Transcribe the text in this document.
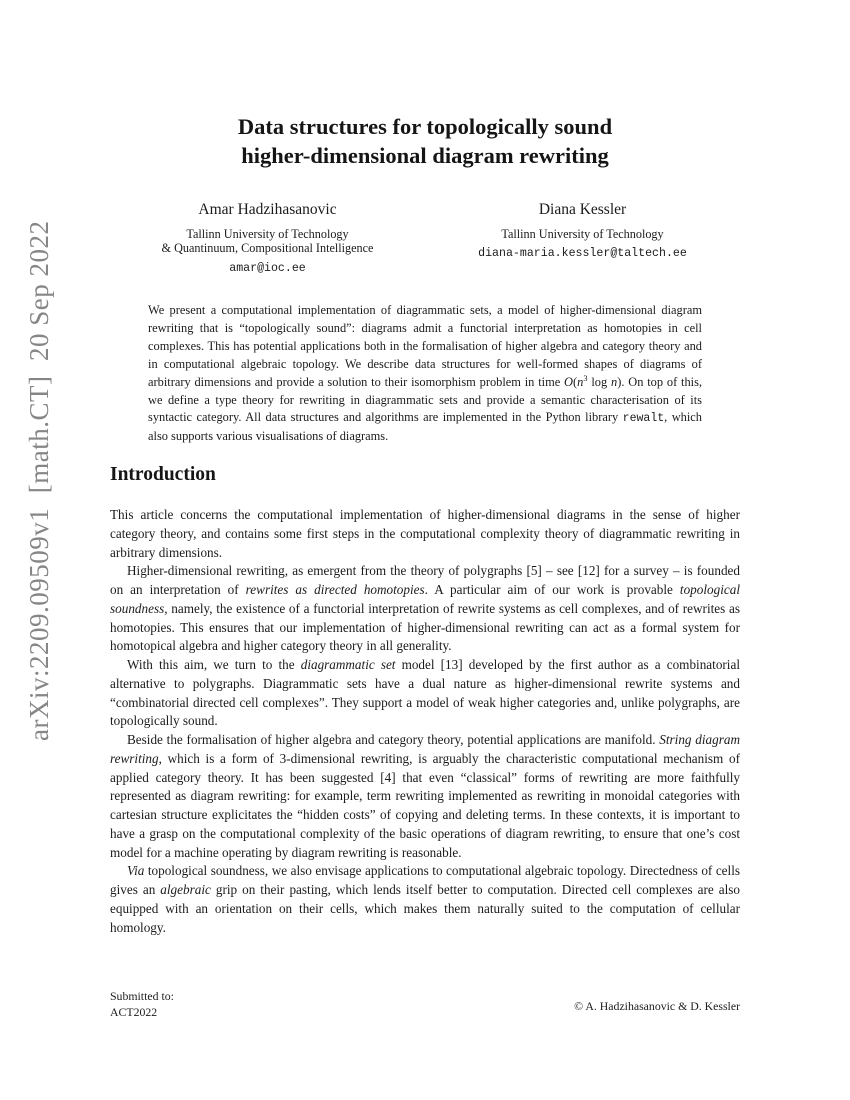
arXiv:2209.09509v1  [math.CT]  20 Sep 2022
Data structures for topologically sound
higher-dimensional diagram rewriting
Amar Hadzihasanovic
Tallinn University of Technology
& Quantinuum, Compositional Intelligence
amar@ioc.ee
Diana Kessler
Tallinn University of Technology
diana-maria.kessler@taltech.ee

We present a computational implementation of diagrammatic sets, a model of higher-dimensional diagram rewriting that is “topologically sound”: diagrams admit a functorial interpretation as homotopies in cell complexes. This has potential applications both in the formalisation of higher algebra and category theory and in computational algebraic topology. We describe data structures for well-formed shapes of diagrams of arbitrary dimensions and provide a solution to their isomorphism problem in time $O(n^3$ log n). On top of this, we define a type theory for rewriting in diagrammatic sets and provide a semantic characterisation of its syntactic category. All data structures and algorithms are implemented in the Python library rewalt, which also supports various visualisations of diagrams.

Introduction

This article concerns the computational implementation of higher-dimensional diagrams in the sense of higher category theory, and contains some first steps in the computational complexity theory of diagrammatic rewriting in arbitrary dimensions.

Higher-dimensional rewriting, as emergent from the theory of polygraphs [5] – see [12] for a survey – is founded on an interpretation of rewrites as directed homotopies. A particular aim of our work is provable topological soundness, namely, the existence of a functorial interpretation of rewrite systems as cell complexes, and of rewrites as homotopies. This ensures that our implementation of higher-dimensional rewriting can act as a formal system for homotopical algebra and higher category theory in all generality.

With this aim, we turn to the diagrammatic set model [13] developed by the first author as a combinatorial alternative to polygraphs. Diagrammatic sets have a dual nature as higher-dimensional rewrite systems and “combinatorial directed cell complexes”. They support a model of weak higher categories and, unlike polygraphs, are topologically sound.

Beside the formalisation of higher algebra and category theory, potential applications are manifold. String diagram rewriting, which is a form of 3-dimensional rewriting, is arguably the characteristic computational mechanism of applied category theory. It has been suggested [4] that even “classical” forms of rewriting are more faithfully represented as diagram rewriting: for example, term rewriting implemented as rewriting in monoidal categories with cartesian structure explicitates the “hidden costs” of copying and deleting terms. In these contexts, it is important to have a grasp on the computational complexity of the basic operations of diagram rewriting, to ensure that one’s cost model for a machine operating by diagram rewriting is reasonable.

Via topological soundness, we also envisage applications to computational algebraic topology. Directedness of cells gives an algebraic grip on their pasting, which lends itself better to computation. Directed cell complexes are also equipped with an orientation on their cells, which makes them naturally suited to the computation of cellular homology.

Submitted to:
ACT2022	© A. Hadzihasanovic & D. Kessler
